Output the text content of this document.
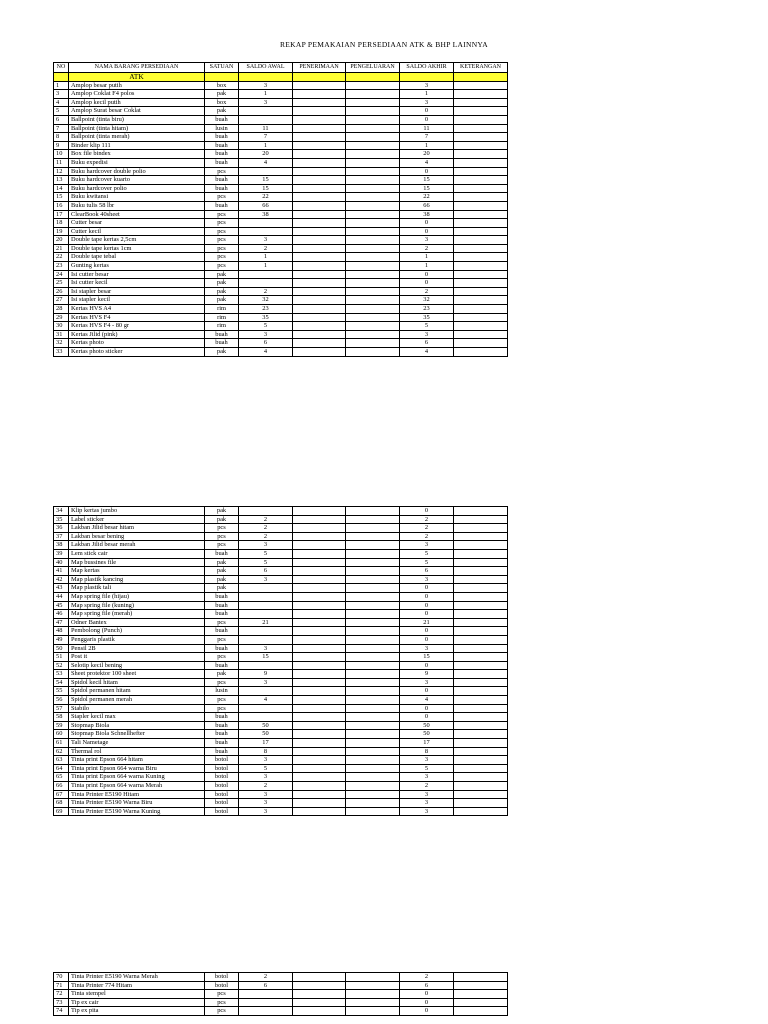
REKAP PEMAKAIAN PERSEDIAAN ATK & BHP LAINNYA
NO	NAMA BARANG PERSEDIAAN	SATUAN	SALDO AWAL	PENERIMAAN	PENGELUARAN	SALDO AKHIR	KETERANGAN
	ATK						
1	Amplop besar putih	box	3			3	
3	Amplop Coklat F4 polos	pak	1			1	
4	Amplop kecil putih	box	3			3	
5	Amplop Surat besar Coklat	pak				0	
6	Ballpoint (tinta biru)	buah				0	
7	Ballpoint (tinta hitam)	lusin	11			11	
8	Ballpoint (tinta merah)	buah	7			7	
9	Binder klip 111	buah	1			1	
10	Box file bindex	buah	20			20	
11	Buku expedisi	buah	4			4	
12	Buku hardcover double polio	pcs				0	
13	Buku hardcover kuarto	buah	15			15	
14	Buku hardcover polio	buah	15			15	
15	Buku kwitansi	pcs	22			22	
16	Buku tulis 58 lbr	buah	66			66	
17	ClearBook 40sheet	pcs	38			38	
18	Cutter besar	pcs				0	
19	Cutter kecil	pcs				0	
20	Double tape kertas 2,5cm	pcs	3			3	
21	Double tape kertas 1cm	pcs	2			2	
22	Double tape tebal	pcs	1			1	
23	Gunting kertas	pcs	1			1	
24	Isi cutter besar	pak				0	
25	Isi cutter kecil	pak				0	
26	Isi stapler besar	pak	2			2	
27	Isi stapler kecil	pak	32			32	
28	Kertas HVS A4	rim	23			23	
29	Kertas HVS F4	rim	35			35	
30	Kertas HVS F4 - 80 gr	rim	5			5	
31	Kertas Jilid (pink)	buah	3			3	
32	Kertas photo	buah	6			6	
33	Kertas photo sticker	pak	4			4	
34	Klip kertas jumbo	pak				0	
35	Label sticker	pak	2			2	
36	Lakban Jilid besar hitam	pcs	2			2	
37	Lakban besar bening	pcs	2			2	
38	Lakban Jilid besar merah	pcs	3			3	
39	Lem stick cair	buah	5			5	
40	Map bussines file	pak	5			5	
41	Map kertas	pak	6			6	
42	Map plastik kancing	pak	3			3	
43	Map plastik tali	pak				0	
44	Map spring file (hijau)	buah				0	
45	Map spring file (kuning)	buah				0	
46	Map spring file (merah)	buah				0	
47	Odner Bantex	pcs	21			21	
48	Pembolong (Punch)	buah				0	
49	Penggaris plastik	pcs				0	
50	Pensil 2B	buah	3			3	
51	Post it	pcs	15			15	
52	Selotip kecil bening	buah				0	
53	Sheet protektor 100 sheet	pak	9			9	
54	Spidol kecil hitam	pcs	3			3	
55	Spidol permanen hitam	lusin				0	
56	Spidol permanen merah	pcs	4			4	
57	Stabilo	pcs				0	
58	Stapler kecil max	buah				0	
59	Stopmap Biola	buah	50			50	
60	Stopmap Biola Schnellhefter	buah	50			50	
61	Tali Nametage	buah	17			17	
62	Thermal rol	buah	8			8	
63	Tinta print Epson 664 hitam	botol	3			3	
64	Tinta print Epson 664 warna Biru	botol	5			5	
65	Tinta print Epson 664 warna Kuning	botol	3			3	
66	Tinta print Epson 664 warna Merah	botol	2			2	
67	Tinta Printer E5190 Hitam	botol	3			3	
68	Tinta Printer E5190 Warna Biru	botol	3			3	
69	Tinta Printer E5190 Warna Kuning	botol	3			3	
70	Tinta Printer E5190 Warna Merah	botol	2			2	
71	Tinta Printer 774 Hitam	botol	6			6	
72	Tinta stempel	pcs				0	
73	Tip ex cair	pcs				0	
74	Tip ex pita	pcs				0	
